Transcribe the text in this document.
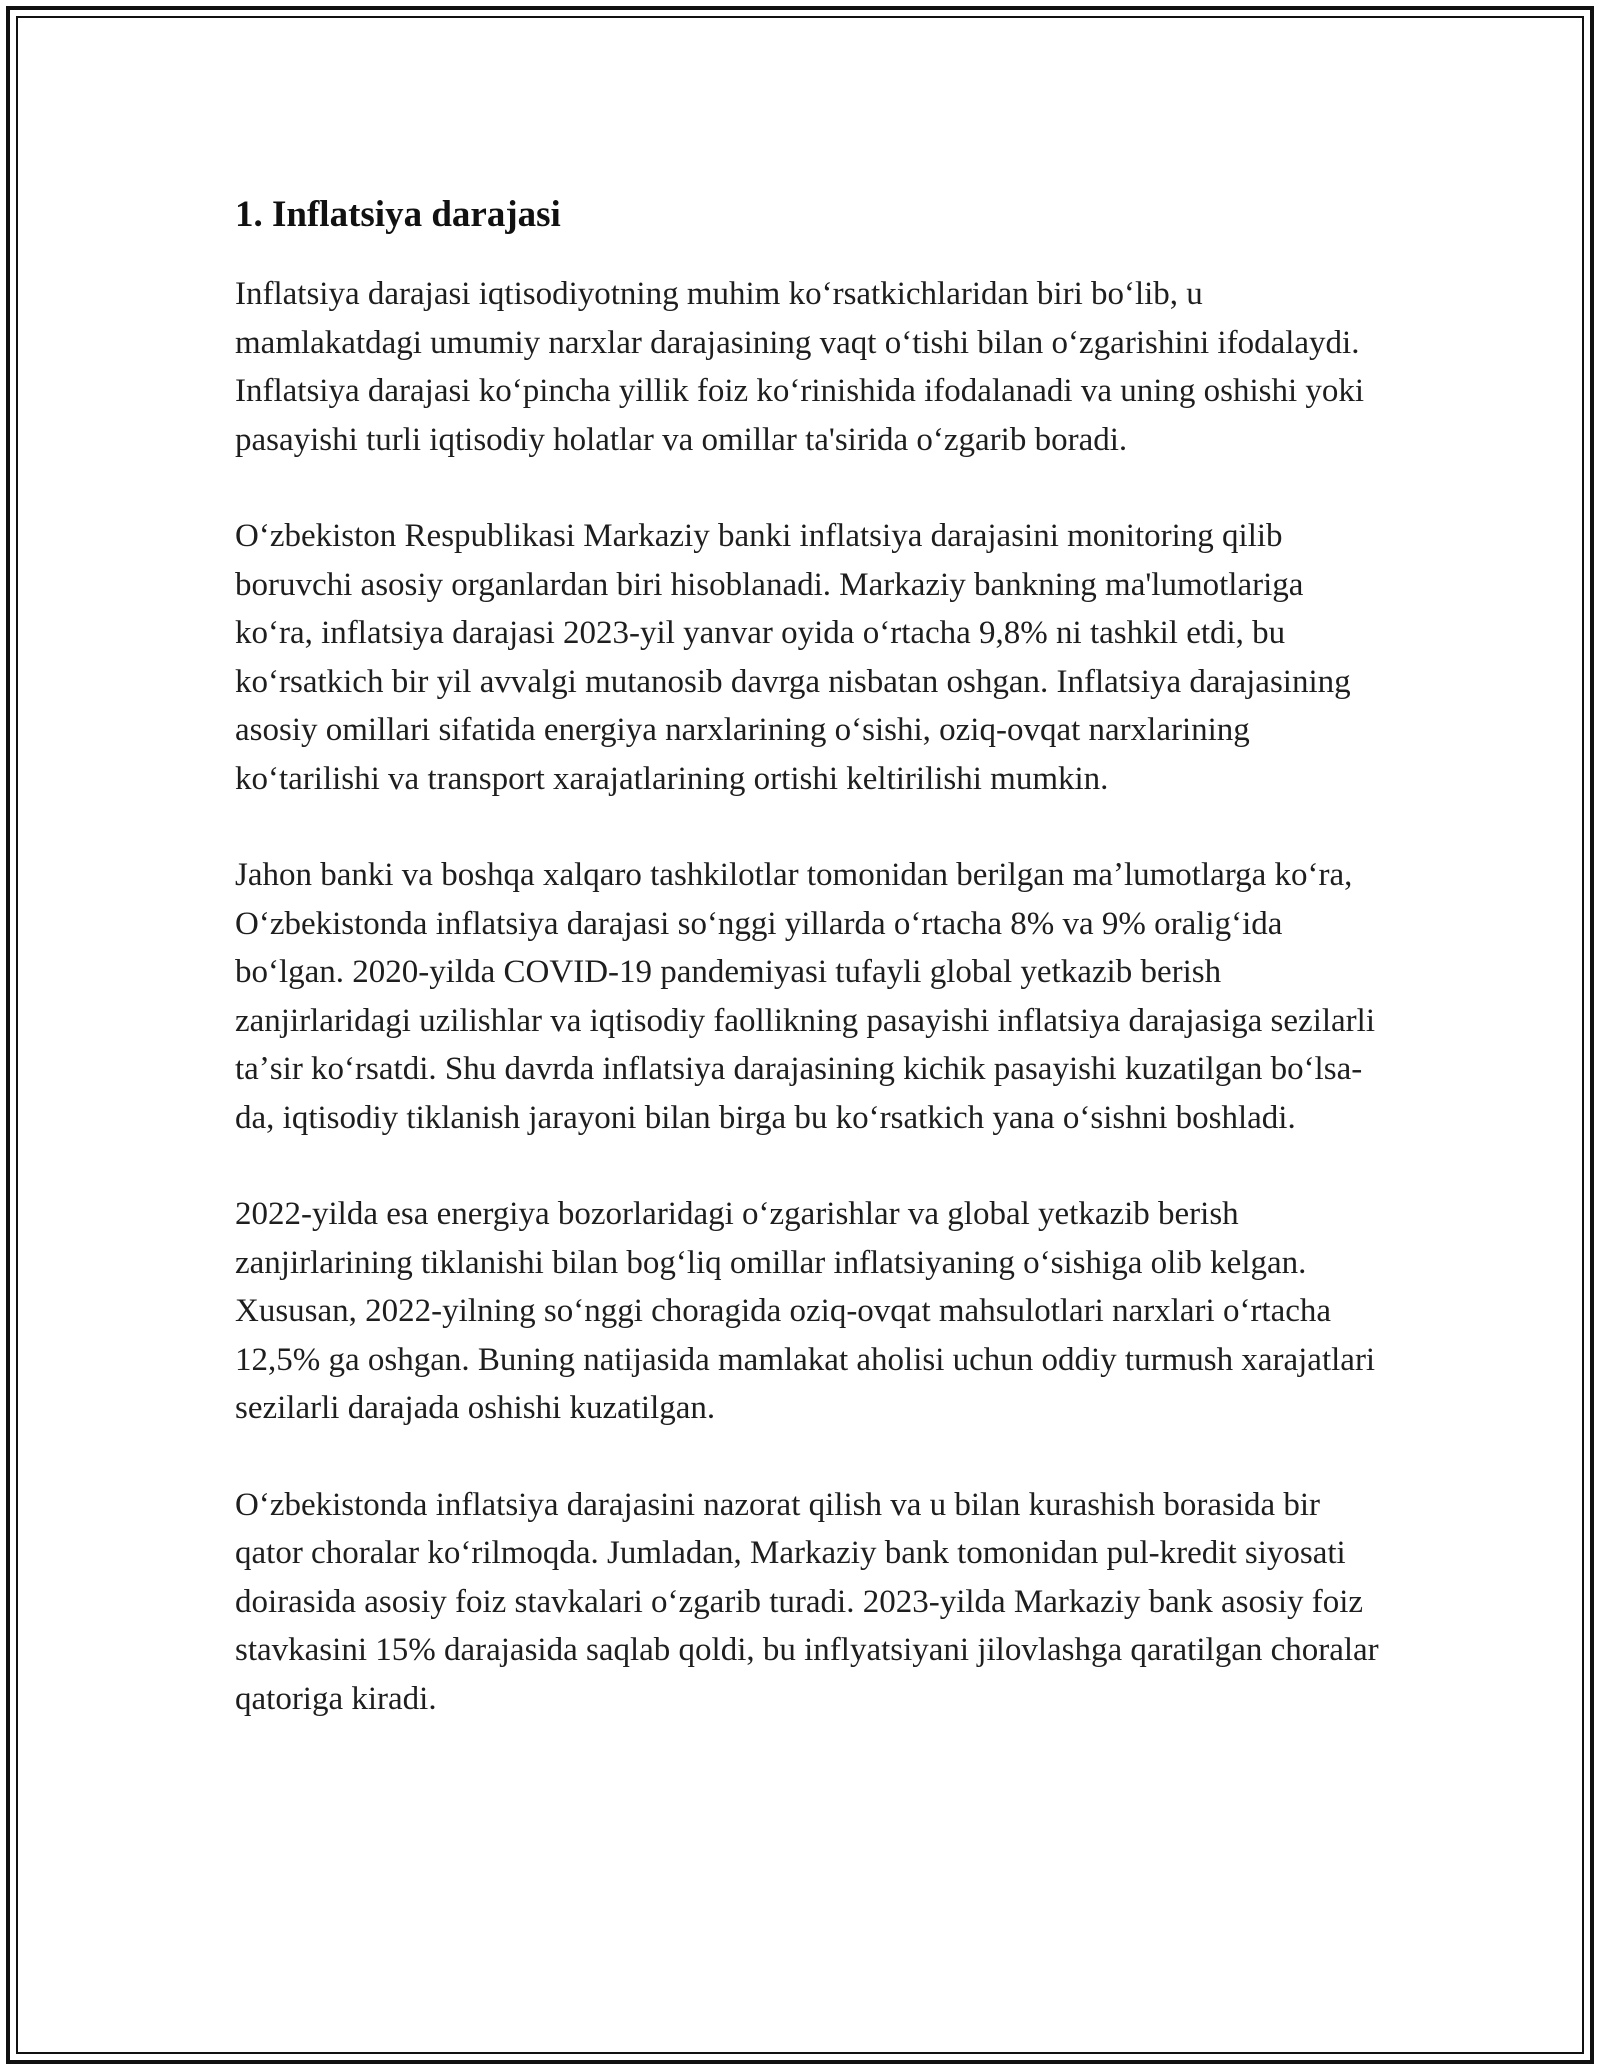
1. Inflatsiya darajasi

Inflatsiya darajasi iqtisodiyotning muhim koʻrsatkichlaridan biri boʻlib, u mamlakatdagi umumiy narxlar darajasining vaqt oʻtishi bilan oʻzgarishini ifodalaydi. Inflatsiya darajasi koʻpincha yillik foiz koʻrinishida ifodalanadi va uning oshishi yoki pasayishi turli iqtisodiy holatlar va omillar ta'sirida oʻzgarib boradi.

Oʻzbekiston Respublikasi Markaziy banki inflatsiya darajasini monitoring qilib boruvchi asosiy organlardan biri hisoblanadi. Markaziy bankning ma'lumotlariga koʻra, inflatsiya darajasi 2023-yil yanvar oyida oʻrtacha 9,8% ni tashkil etdi, bu koʻrsatkich bir yil avvalgi mutanosib davrga nisbatan oshgan. Inflatsiya darajasining asosiy omillari sifatida energiya narxlarining oʻsishi, oziq-ovqat narxlarining koʻtarilishi va transport xarajatlarining ortishi keltirilishi mumkin.

Jahon banki va boshqa xalqaro tashkilotlar tomonidan berilgan maʼlumotlarga koʻra, Oʻzbekistonda inflatsiya darajasi soʻnggi yillarda oʻrtacha 8% va 9% oraligʻida boʻlgan. 2020-yilda COVID-19 pandemiyasi tufayli global yetkazib berish zanjirlaridagi uzilishlar va iqtisodiy faollikning pasayishi inflatsiya darajasiga sezilarli taʼsir koʻrsatdi. Shu davrda inflatsiya darajasining kichik pasayishi kuzatilgan boʻlsa-da, iqtisodiy tiklanish jarayoni bilan birga bu koʻrsatkich yana oʻsishni boshladi.

2022-yilda esa energiya bozorlaridagi oʻzgarishlar va global yetkazib berish zanjirlarining tiklanishi bilan bogʻliq omillar inflatsiyaning oʻsishiga olib kelgan. Xususan, 2022-yilning soʻnggi choragida oziq-ovqat mahsulotlari narxlari oʻrtacha 12,5% ga oshgan. Buning natijasida mamlakat aholisi uchun oddiy turmush xarajatlari sezilarli darajada oshishi kuzatilgan.

Oʻzbekistonda inflatsiya darajasini nazorat qilish va u bilan kurashish borasida bir qator choralar koʻrilmoqda. Jumladan, Markaziy bank tomonidan pul-kredit siyosati doirasida asosiy foiz stavkalari oʻzgarib turadi. 2023-yilda Markaziy bank asosiy foiz stavkasini 15% darajasida saqlab qoldi, bu inflyatsiyani jilovlashga qaratilgan choralar qatoriga kiradi.
